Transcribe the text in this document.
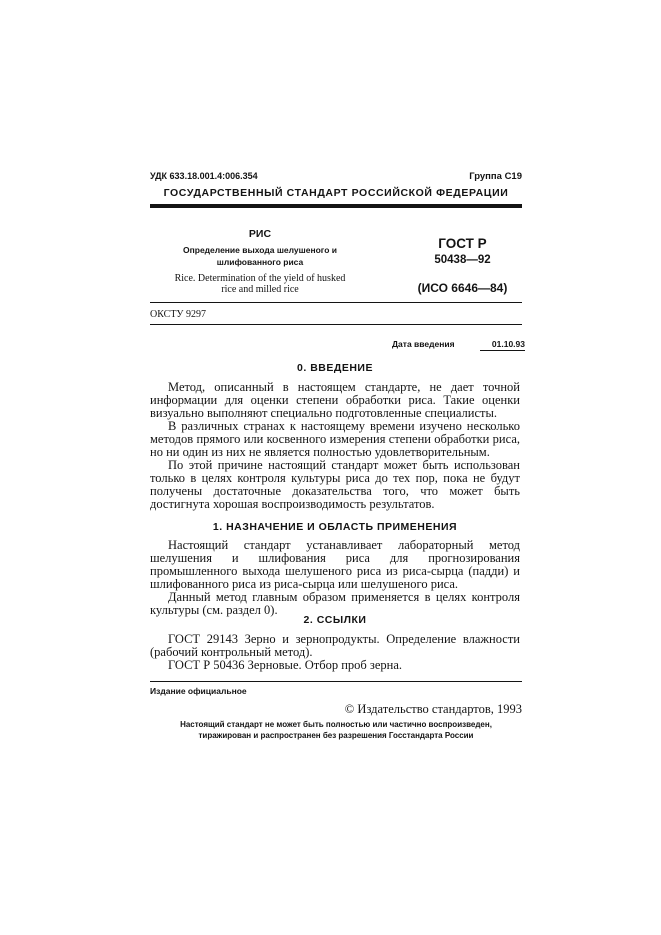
УДК 633.18.001.4:006.354	Группа С19
ГОСУДАРСТВЕННЫЙ СТАНДАРТ РОССИЙСКОЙ ФЕДЕРАЦИИ
РИС
Определение выхода шелушеного и
шлифованного риса
Rice. Determination of the yield of husked
rice and milled rice
ГОСТ Р
50438—92
(ИСО 6646—84)
ОКСТУ 9297
Дата введения	01.10.93
0. ВВЕДЕНИЕ

Метод, описанный в настоящем стандарте, не дает точной информации для оценки степени обработки риса. Такие оценки визуально выполняют специально подготовленные специалисты.

В различных странах к настоящему времени изучено несколько методов прямого или косвенного измерения степени обработки риса, но ни один из них не является полностью удовлетворительным.

По этой причине настоящий стандарт может быть использован только в целях контроля культуры риса до тех пор, пока не будут получены достаточные доказательства того, что может быть достигнута хорошая воспроизводимость результатов.

1. НАЗНАЧЕНИЕ И ОБЛАСТЬ ПРИМЕНЕНИЯ

Настоящий стандарт устанавливает лабораторный метод шелушения и шлифования риса для прогнозирования промышленного выхода шелушеного риса из риса-сырца (падди) и шлифованного риса из риса-сырца или шелушеного риса.

Данный метод главным образом применяется в целях контроля культуры (см. раздел 0).

2. ССЫЛКИ

ГОСТ 29143 Зерно и зернопродукты. Определение влажности (рабочий контрольный метод).

ГОСТ Р 50436 Зерновые. Отбор проб зерна.

Издание официальное
© Издательство стандартов, 1993
Настоящий стандарт не может быть полностью или частично воспроизведен,
тиражирован и распространен без разрешения Госстандарта России
